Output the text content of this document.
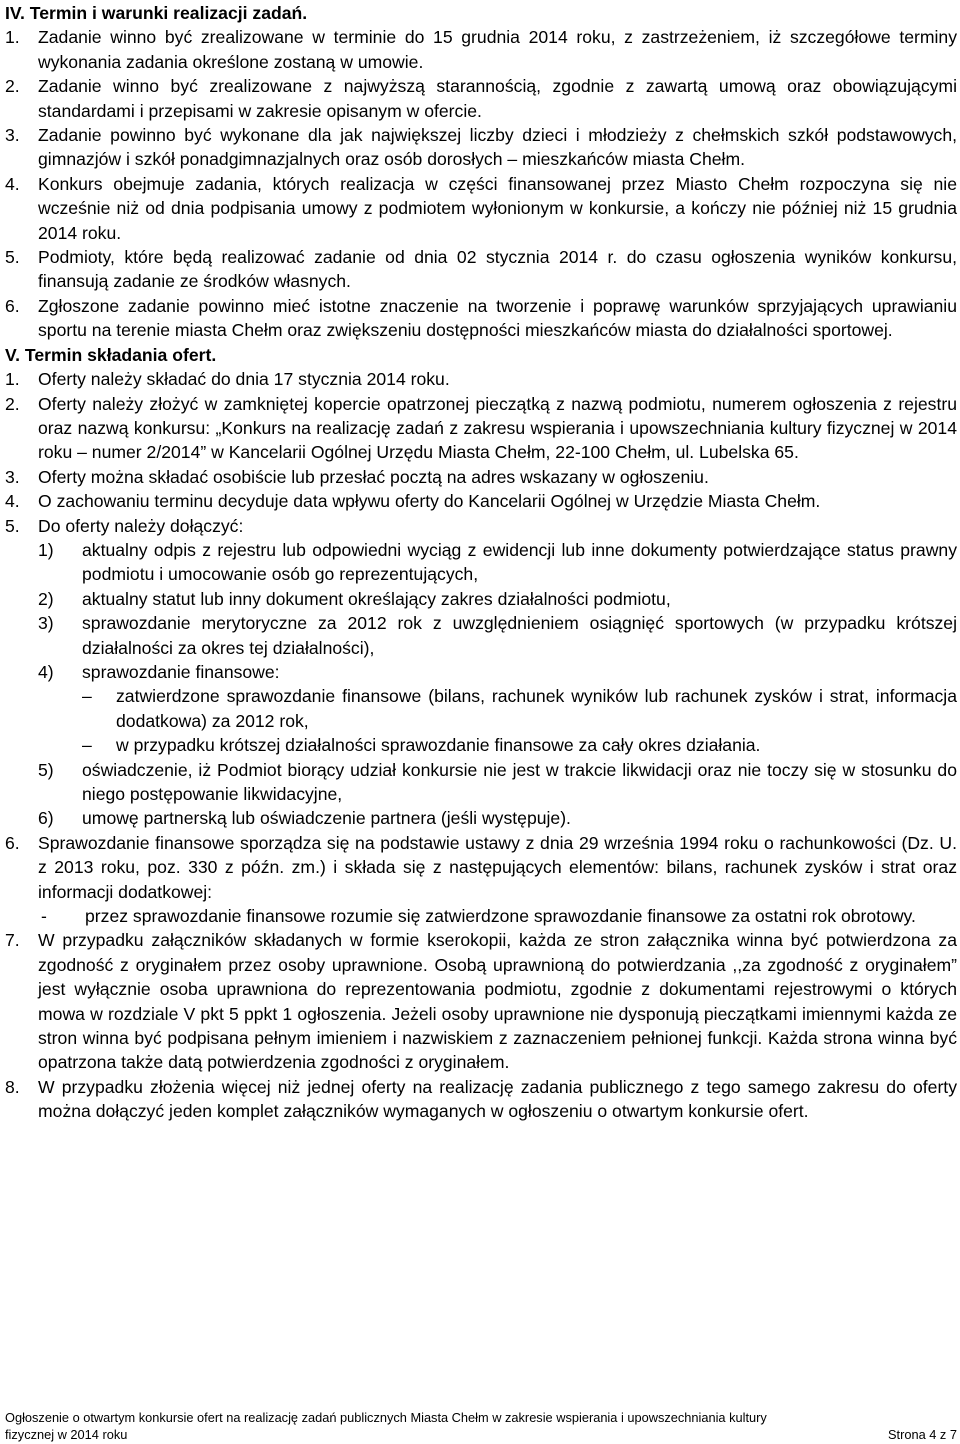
IV. Termin i warunki realizacji zadań.
1.	Zadanie winno być zrealizowane w terminie do 15 grudnia 2014 roku, z zastrzeżeniem, iż szczegółowe terminy wykonania zadania określone zostaną w umowie.
2.	Zadanie winno być zrealizowane z najwyższą starannością, zgodnie z zawartą umową oraz obowiązującymi standardami i przepisami w zakresie opisanym w ofercie.
3.	Zadanie powinno być wykonane dla jak największej liczby dzieci i młodzieży z chełmskich szkół podstawowych, gimnazjów i szkół ponadgimnazjalnych oraz osób dorosłych – mieszkańców miasta Chełm.
4.	Konkurs obejmuje zadania, których realizacja w części finansowanej przez Miasto Chełm rozpoczyna się nie wcześnie niż od dnia podpisania umowy z podmiotem wyłonionym w konkursie, a kończy nie później niż 15 grudnia 2014 roku.
5.	Podmioty, które będą realizować zadanie od dnia 02 stycznia 2014 r. do czasu ogłoszenia wyników konkursu, finansują zadanie ze środków własnych.
6.	Zgłoszone zadanie powinno mieć istotne znaczenie na tworzenie i poprawę warunków sprzyjających uprawianiu sportu na terenie miasta Chełm oraz zwiększeniu dostępności mieszkańców miasta do działalności sportowej.
V. Termin składania ofert.
1.	Oferty należy składać do dnia 17 stycznia 2014 roku.
2.	Oferty należy złożyć w zamkniętej kopercie opatrzonej pieczątką z nazwą podmiotu, numerem ogłoszenia z rejestru oraz nazwą konkursu: „Konkurs na realizację zadań z zakresu wspierania i upowszechniania kultury fizycznej w 2014 roku – numer 2/2014” w Kancelarii Ogólnej Urzędu Miasta Chełm, 22-100 Chełm, ul. Lubelska 65.
3.	Oferty można składać osobiście lub przesłać pocztą na adres wskazany w ogłoszeniu.
4.	O zachowaniu terminu decyduje data wpływu oferty do Kancelarii Ogólnej w Urzędzie Miasta Chełm.
5.	Do oferty należy dołączyć:
1)	aktualny odpis z rejestru lub odpowiedni wyciąg z ewidencji lub inne dokumenty potwierdzające status prawny podmiotu i umocowanie osób go reprezentujących,
2)	aktualny statut lub inny dokument określający zakres działalności podmiotu,
3)	sprawozdanie merytoryczne za 2012 rok z uwzględnieniem osiągnięć sportowych (w przypadku krótszej działalności za okres tej działalności),
4)	sprawozdanie finansowe:
–	zatwierdzone sprawozdanie finansowe (bilans, rachunek wyników lub rachunek zysków i strat, informacja dodatkowa) za 2012 rok,
–	w przypadku krótszej działalności sprawozdanie finansowe za cały okres działania.
5)	oświadczenie, iż Podmiot biorący udział konkursie nie jest w trakcie likwidacji oraz nie toczy się w stosunku do niego postępowanie likwidacyjne,
6)	umowę partnerską lub oświadczenie partnera (jeśli występuje).
6.	Sprawozdanie finansowe sporządza się na podstawie ustawy z dnia 29 września 1994 roku o rachunkowości (Dz. U. z 2013 roku, poz. 330 z późn. zm.) i składa się z następujących elementów: bilans, rachunek zysków i strat oraz informacji dodatkowej:
-	przez sprawozdanie finansowe rozumie się zatwierdzone sprawozdanie finansowe za ostatni rok obrotowy.
7.	W przypadku załączników składanych w formie kserokopii, każda ze stron załącznika winna być potwierdzona za zgodność z oryginałem przez osoby uprawnione. Osobą uprawnioną do potwierdzania ,,za zgodność z oryginałem” jest wyłącznie osoba uprawniona do reprezentowania podmiotu, zgodnie z dokumentami rejestrowymi o których mowa w rozdziale V pkt 5 ppkt 1 ogłoszenia. Jeżeli osoby uprawnione nie dysponują pieczątkami imiennymi każda ze stron winna być podpisana pełnym imieniem i nazwiskiem z zaznaczeniem pełnionej funkcji. Każda strona winna być opatrzona także datą potwierdzenia zgodności z oryginałem.
8.	W przypadku złożenia więcej niż jednej oferty na realizację zadania publicznego z tego samego zakresu do oferty można dołączyć jeden komplet załączników wymaganych w ogłoszeniu o otwartym konkursie ofert.
Ogłoszenie o otwartym konkursie ofert na realizację zadań publicznych Miasta Chełm w zakresie wspierania i upowszechniania kultury
fizycznej w 2014 roku	Strona 4 z 7
